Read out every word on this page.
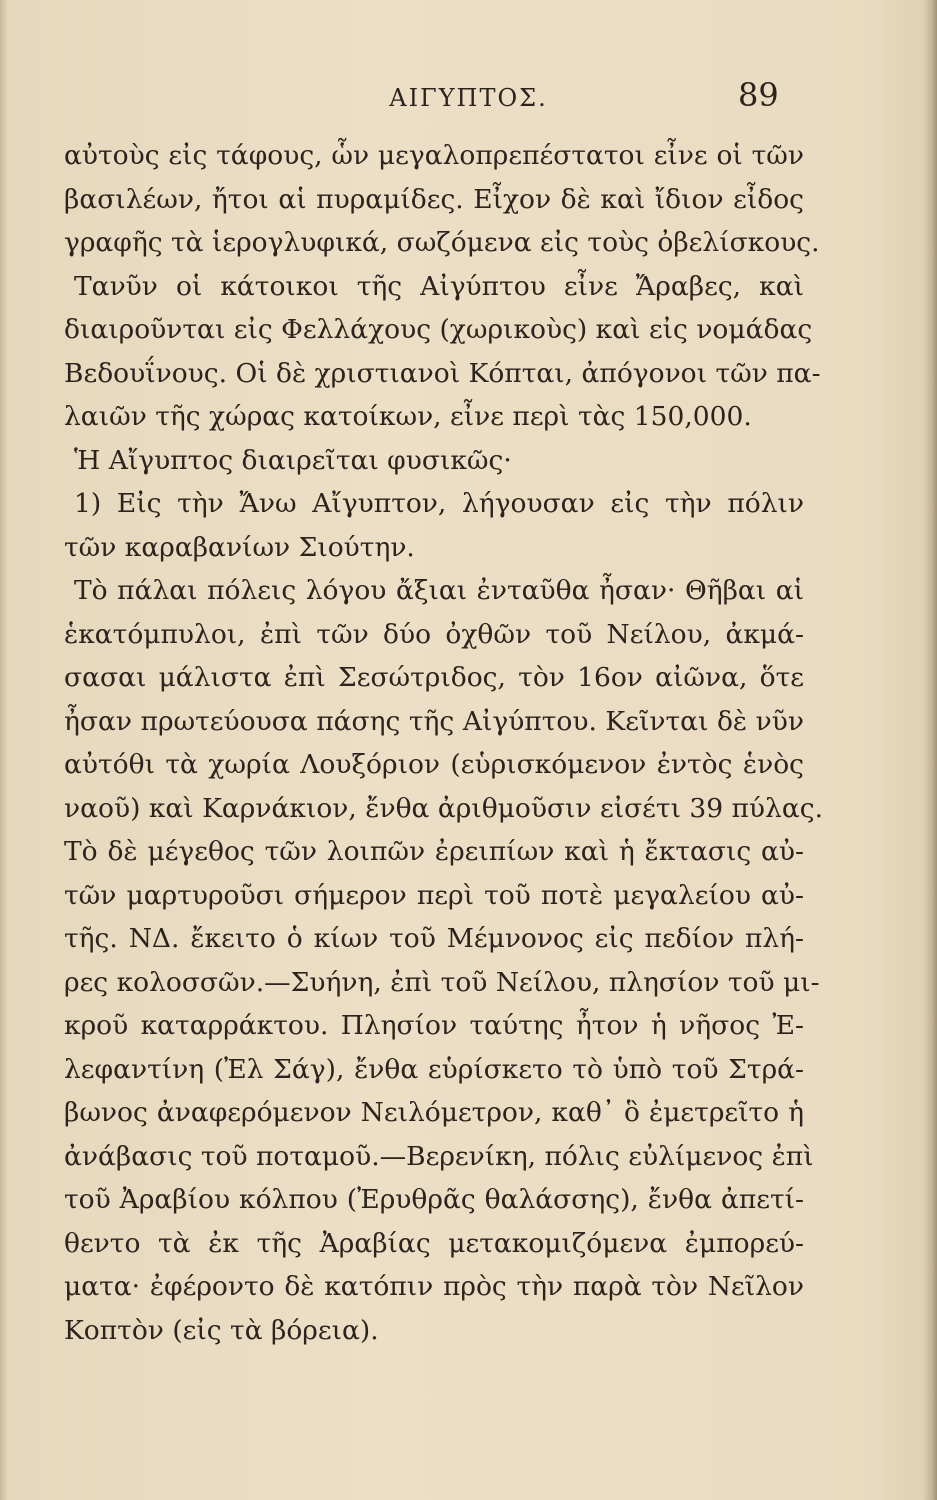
ΑΙΓΥΠΤΟΣ.	89
αὐτοὺς εἰς τάφους, ὧν μεγαλοπρεπέστατοι εἶνε οἱ τῶν
βασιλέων, ἤτοι αἱ πυραμίδες. Εἶχον δὲ καὶ ἴδιον εἶδος
γραφῆς τὰ ἱερογλυφικά, σωζόμενα εἰς τοὺς ὀβελίσκους.
Τανῦν οἱ κάτοικοι τῆς Αἰγύπτου εἶνε Ἄραβες, καὶ
διαιροῦνται εἰς Φελλάχους (χωρικοὺς) καὶ εἰς νομάδας
Βεδουΐνους. Οἱ δὲ χριστιανοὶ Κόπται, ἀπόγονοι τῶν πα-
λαιῶν τῆς χώρας κατοίκων, εἶνε περὶ τὰς 150,000.
Ἡ Αἴγυπτος διαιρεῖται φυσικῶς·
1) Εἰς τὴν Ἄνω Αἴγυπτον, λήγουσαν εἰς τὴν πόλιν
τῶν καραβανίων Σιούτην.
Τὸ πάλαι πόλεις λόγου ἄξιαι ἐνταῦθα ἦσαν· Θῆβαι αἱ
ἑκατόμπυλοι, ἐπὶ τῶν δύο ὀχθῶν τοῦ Νείλου, ἀκμά-
σασαι μάλιστα ἐπὶ Σεσώτριδος, τὸν 16ον αἰῶνα, ὅτε
ἦσαν πρωτεύουσα πάσης τῆς Αἰγύπτου. Κεῖνται δὲ νῦν
αὐτόθι τὰ χωρία Λουξόριον (εὑρισκόμενον ἐντὸς ἑνὸς
ναοῦ) καὶ Καρνάκιον, ἔνθα ἀριθμοῦσιν εἰσέτι 39 πύλας.
Τὸ δὲ μέγεθος τῶν λοιπῶν ἐρειπίων καὶ ἡ ἔκτασις αὐ-
τῶν μαρτυροῦσι σήμερον περὶ τοῦ ποτὲ μεγαλείου αὐ-
τῆς. ΝΔ. ἔκειτο ὁ κίων τοῦ Μέμνονος εἰς πεδίον πλή-
ρες κολοσσῶν.—Συήνη, ἐπὶ τοῦ Νείλου, πλησίον τοῦ μι-
κροῦ καταρράκτου. Πλησίον ταύτης ἦτον ἡ νῆσος Ἐ-
λεφαντίνη (Ἐλ Σάγ), ἔνθα εὑρίσκετο τὸ ὑπὸ τοῦ Στρά-
βωνος ἀναφερόμενον Νειλόμετρον, καθ᾿ ὃ ἐμετρεῖτο ἡ
ἀνάβασις τοῦ ποταμοῦ.—Βερενίκη, πόλις εὐλίμενος ἐπὶ
τοῦ Ἀραβίου κόλπου (Ἐρυθρᾶς θαλάσσης), ἔνθα ἀπετί-
θεντο τὰ ἐκ τῆς Ἀραβίας μετακομιζόμενα ἐμπορεύ-
ματα· ἐφέροντο δὲ κατόπιν πρὸς τὴν παρὰ τὸν Νεῖλον
Κοπτὸν (εἰς τὰ βόρεια).
